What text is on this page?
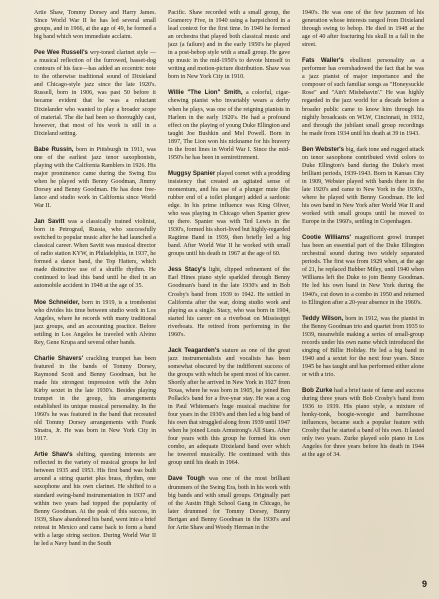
Artie Shaw, Tommy Dorsey and Harry James. Since World War II he has led several small groups, and in 1966, at the age of 49, he formed a big band which won immediate acclaim.

Pee Wee Russell's wry-toned clarinet style —a musical reflection of the furrowed, basset-dog contours of his face—has added an eccentric note to the otherwise traditional sound of Dixieland and Chicago-style jazz since the late 1920's. Russell, born in 1906, was past 50 before it became evident that he was a reluctant Dixielander who wanted to play a broader scope of material. The die had been so thoroughly cast, however, that most of his work is still in a Dixieland setting.

Babe Russin, born in Pittsburgh in 1911, was one of the earliest jazz tenor saxophonists, playing with the California Ramblers in 1926. His major prominence came during the Swing Era when he played with Benny Goodman, Jimmy Dorsey and Benny Goodman. He has done free-lance and studio work in California since World War II.

Jan Savitt was a classically trained violinist, born in Petrograd, Russia, who successfully switched to popular music after he had launched a classical career. When Savitt was musical director of radio station KYW, in Philadelphia, in 1937, he formed a dance band, the Top Hatters, which made distinctive use of a shuffle rhythm. He continued to lead this band until he died in an automobile accident in 1948 at the age of 35.

Moe Schneider, born in 1919, is a trombonist who divides his time between studio work in Los Angeles, where he records with many traditional jazz groups, and an accounting practice. Before settling in Los Angeles he traveled with Alvino Rey, Gene Krupa and several other bands.

Charlie Shavers' crackling trumpet has been featured in the bands of Tommy Dorsey, Raymond Scott and Benny Goodman, but he made his strongest impression with the John Kirby sextet in the late 1930's. Besides playing trumpet in the group, his arrangements established its unique musical personality. In the 1960's he was featured in the band that recreated old Tommy Dorsey arrangements with Frank Sinatra, Jr. He was born in New York City in 1917.

Artie Shaw's shifting, questing interests are reflected in the variety of musical groups he led between 1935 and 1953. His first band was built around a string quartet plus brass, rhythm, one saxophone and his own clarinet. He shifted to a standard swing-band instrumentation in 1937 and within two years had topped the popularity of Benny Goodman. At the peak of this success, in 1939, Shaw abandoned his band, went into a brief retreat in Mexico and came back to form a band with a large string section. During World War II he led a Navy band in the South

Pacific. Shaw recorded with a small group, the Gramercy Five, in 1940 using a harpsichord in a lead context for the first time. In 1949 he formed an orchestra that played both classical music and jazz (a failure) and in the early 1950's he played in a post-bebop style with a small group. He gave up music in the mid-1950's to devote himself to writing and motion-picture distribution. Shaw was born in New York City in 1910.

Willie "The Lion" Smith, a colorful, cigar-chewing pianist who invariably wears a derby when he plays, was one of the reigning pianists in Harlem in the early 1920's. He had a profound effect on the playing of young Duke Ellington and taught Joe Bushkin and Mel Powell. Born in 1897, The Lion won his nickname for his bravery in the front lines in World War I. Since the mid-1950's he has been in semiretirement.

Muggsy Spanier played cornet with a prodding insistency that created an agitated sense of momentum, and his use of a plunger mute (the rubber end of a toilet plunger) added a sardonic edge. In his prime influence was King Oliver, who was playing in Chicago when Spanier grew up there. Spanier was with Ted Lewis in the 1930's, formed his short-lived but highly-regarded Ragtime Band in 1939, then briefly led a big band. After World War II he worked with small groups until his death in 1967 at the age of 60.

Jess Stacy's light, clipped refinement of the Earl Hines piano style sparkled through Benny Goodman's band in the late 1930's and in Bob Crosby's band from 1939 to 1942. He settled in California after the war, doing studio work and playing as a single. Stacy, who was born in 1904, started his career on a riverboat on Mississippi riverboats. He retired from performing in the 1960's.

Jack Teagarden's stature as one of the great jazz instrumentalists and vocalists has been somewhat obscured by the indifferent success of the groups with which he spent most of his career. Shortly after he arrived in New York in 1927 from Texas, where he was born in 1905, he joined Ben Pollack's band for a five-year stay. He was a cog in Paul Whiteman's huge musical machine for four years in the 1930's and then led a big band of his own that struggled along from 1939 until 1947 when he joined Louis Armstrong's All Stars. After four years with this group he formed his own combo, an adequate Dixieland band over which he towered musically. He continued with this group until his death in 1964.

Dave Tough was one of the most brilliant drummers of the Swing Era, both in his work with big bands and with small groups. Originally part of the Austin High School Gang in Chicago, he later drummed for Tommy Dorsey, Bunny Berigan and Benny Goodman in the 1930's and for Artie Shaw and Woody Herman in the

1940's. He was one of the few jazzmen of his generation whose interests ranged from Dixieland through swing to bebop. He died in 1948 at the age of 40 after fracturing his skull in a fall in the street.

Fats Waller's ebullient personality as a performer has overshadowed the fact that he was a jazz pianist of major importance and the composer of such familiar songs as "Honeysuckle Rose" and "Ain't Misbehavin'." He was highly regarded in the jazz world for a decade before a broader public came to know him through his nightly broadcasts on WLW, Cincinnati, in 1932, and through the jubilant small group recordings he made from 1934 until his death at 39 in 1943.

Ben Webster's big, dark tone and rugged attack on tenor saxophone contributed vivid colors to Duke Ellington's band during the Duke's most brilliant periods, 1939-1943. Born in Kansas City in 1909, Webster played with bands there in the late 1920's and came to New York in the 1930's, where he played with Benny Goodman. He led his own band in New York after World War II and worked with small groups until he moved to Europe in the 1960's, settling in Copenhagen.

Cootie Williams' magnificent growl trumpet has been an essential part of the Duke Ellington orchestral sound during two widely separated periods. The first was from 1929 when, at the age of 21, he replaced Bubber Miley, until 1940 when Williams left the Duke to join Benny Goodman. He led his own band in New York during the 1940's, cut down to a combo in 1950 and returned to Ellington after a 20-year absence in the 1960's.

Teddy Wilson, born in 1912, was the pianist in the Benny Goodman trio and quartet from 1935 to 1939, meanwhile making a series of small-group records under his own name which introduced the singing of Billie Holiday. He led a big band in 1940 and a sextet for the next four years. Since 1945 he has taught and has performed either alone or with a trio.

Bob Zurke had a brief taste of fame and success during three years with Bob Crosby's band from 1936 to 1939. His piano style, a mixture of honky-tonk, boogie-woogie and barrelhouse influences, became such a popular feature with Crosby that he started a band of his own. It lasted only two years. Zurke played solo piano in Los Angeles for three years before his death in 1944 at the age of 34.

9
